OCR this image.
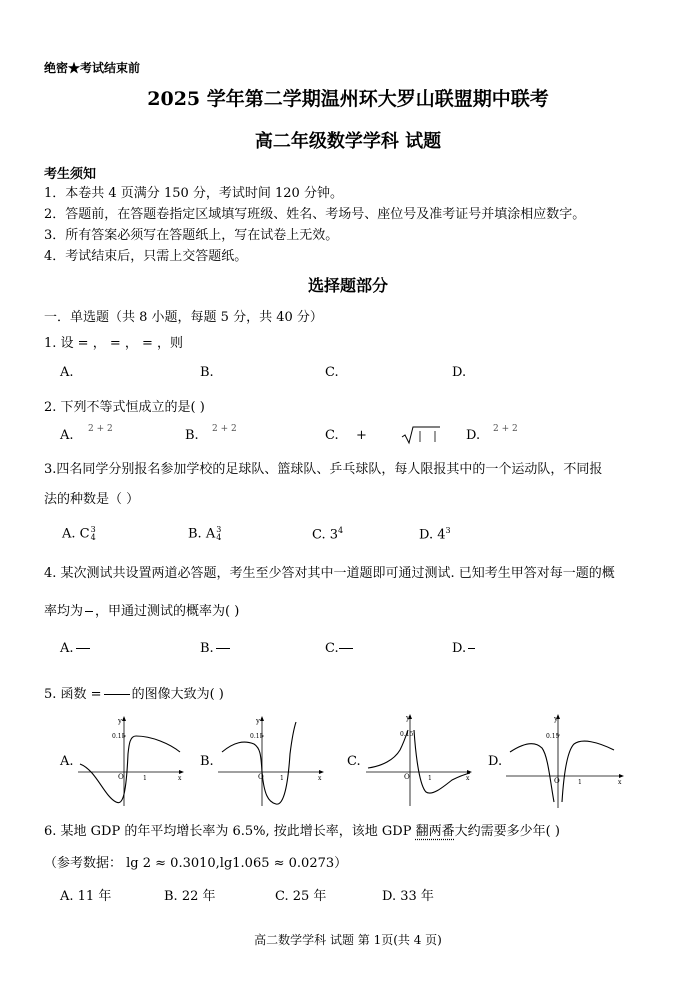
绝密★考试结束前
2025 学年第二学期温州环大罗山联盟期中联考
高二年级数学学科 试题
考生须知
1．本卷共 4 页满分 150 分，考试时间 120 分钟。
2．答题前，在答题卷指定区域填写班级、姓名、考场号、座位号及准考证号并填涂相应数字。
3．所有答案必须写在答题纸上，写在试卷上无效。
4．考试结束后，只需上交答题纸。
选择题部分
一．单选题（共 8 小题，每题 5 分，共 40 分）
1. 设 = ， = ， = ，则
A.	B.	C.	D.
2. 下列不等式恒成立的是( )
A. 2 + 2	B. 2 + 2	C. +	D. 2 + 2
3.四名同学分别报名参加学校的足球队、篮球队、乒乓球队，每人限报其中的一个运动队，不同报
法的种数是（ ）
A. C 3
4	B. A 3
4	C. $3^4$	D. $4^3$
4. 某次测试共设置两道必答题，考生至少答对其中一道题即可通过测试. 已知考生甲答对每一题的概
率均为 ，甲通过测试的概率为( )
A.	B.	C.	D.
5. 函数 = 的图像大致为( )
A.	B.	C.	D.
y
x
O
0.15
1
y
x
O
0.15
1
y
x
O
0.15
1
y
x
O
0.15
1
6. 某地 GDP 的年平均增长率为 6.5%, 按此增长率，该地 GDP 翻两番大约需要多少年( )
（参考数据： lg 2 ≈ 0.3010,lg1.065 ≈ 0.0273）
A. 11 年	B. 22 年	C. 25 年	D. 33 年
高二数学学科 试题 第 1页(共 4 页)
